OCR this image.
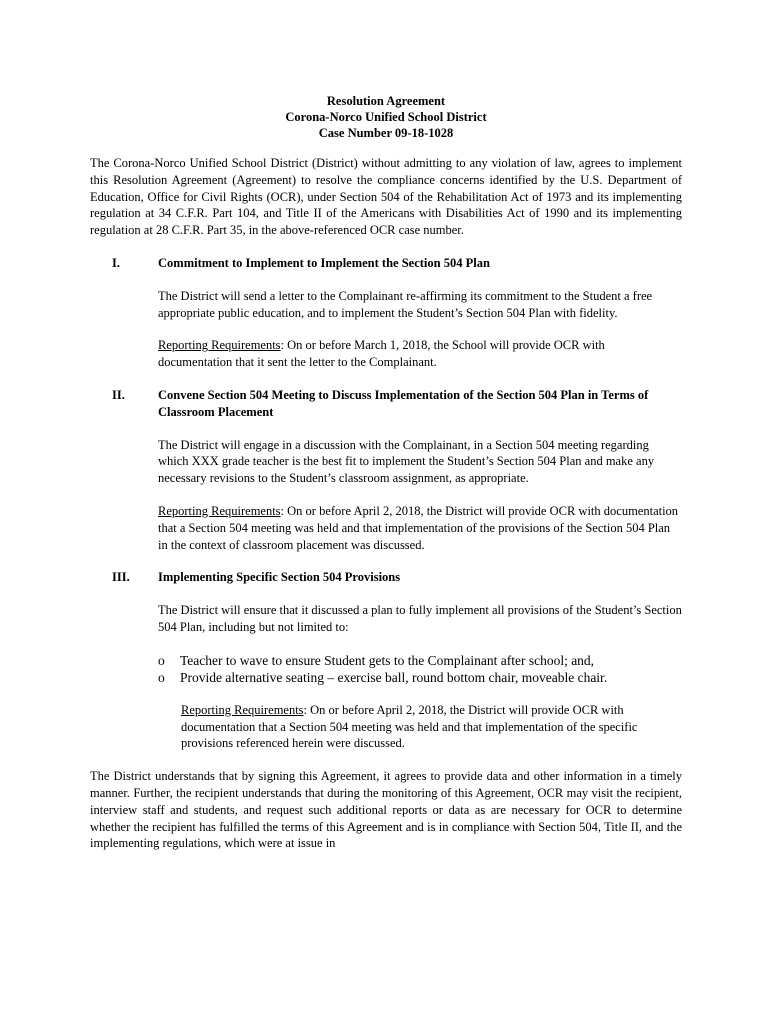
Resolution Agreement
Corona-Norco Unified School District
Case Number 09-18-1028
The Corona-Norco Unified School District (District) without admitting to any violation of law, agrees to implement this Resolution Agreement (Agreement) to resolve the compliance concerns identified by the U.S. Department of Education, Office for Civil Rights (OCR), under Section 504 of the Rehabilitation Act of 1973 and its implementing regulation at 34 C.F.R. Part 104, and Title II of the Americans with Disabilities Act of 1990 and its implementing regulation at 28 C.F.R. Part 35, in the above-referenced OCR case number.
I.	Commitment to Implement to Implement the Section 504 Plan
The District will send a letter to the Complainant re-affirming its commitment to the Student a free appropriate public education, and to implement the Student’s Section 504 Plan with fidelity.
Reporting Requirements: On or before March 1, 2018, the School will provide OCR with documentation that it sent the letter to the Complainant.
II.	Convene Section 504 Meeting to Discuss Implementation of the Section 504 Plan in Terms of Classroom Placement
The District will engage in a discussion with the Complainant, in a Section 504 meeting regarding which XXX grade teacher is the best fit to implement the Student’s Section 504 Plan and make any necessary revisions to the Student’s classroom assignment, as appropriate.
Reporting Requirements: On or before April 2, 2018, the District will provide OCR with documentation that a Section 504 meeting was held and that implementation of the provisions of the Section 504 Plan in the context of classroom placement was discussed.
III.	Implementing Specific Section 504 Provisions
The District will ensure that it discussed a plan to fully implement all provisions of the Student’s Section 504 Plan, including but not limited to:
o	Teacher to wave to ensure Student gets to the Complainant after school; and,
o	Provide alternative seating – exercise ball, round bottom chair, moveable chair.
Reporting Requirements: On or before April 2, 2018, the District will provide OCR with documentation that a Section 504 meeting was held and that implementation of the specific provisions referenced herein were discussed.
The District understands that by signing this Agreement, it agrees to provide data and other information in a timely manner. Further, the recipient understands that during the monitoring of this Agreement, OCR may visit the recipient, interview staff and students, and request such additional reports or data as are necessary for OCR to determine whether the recipient has fulfilled the terms of this Agreement and is in compliance with Section 504, Title II, and the implementing regulations, which were at issue in
